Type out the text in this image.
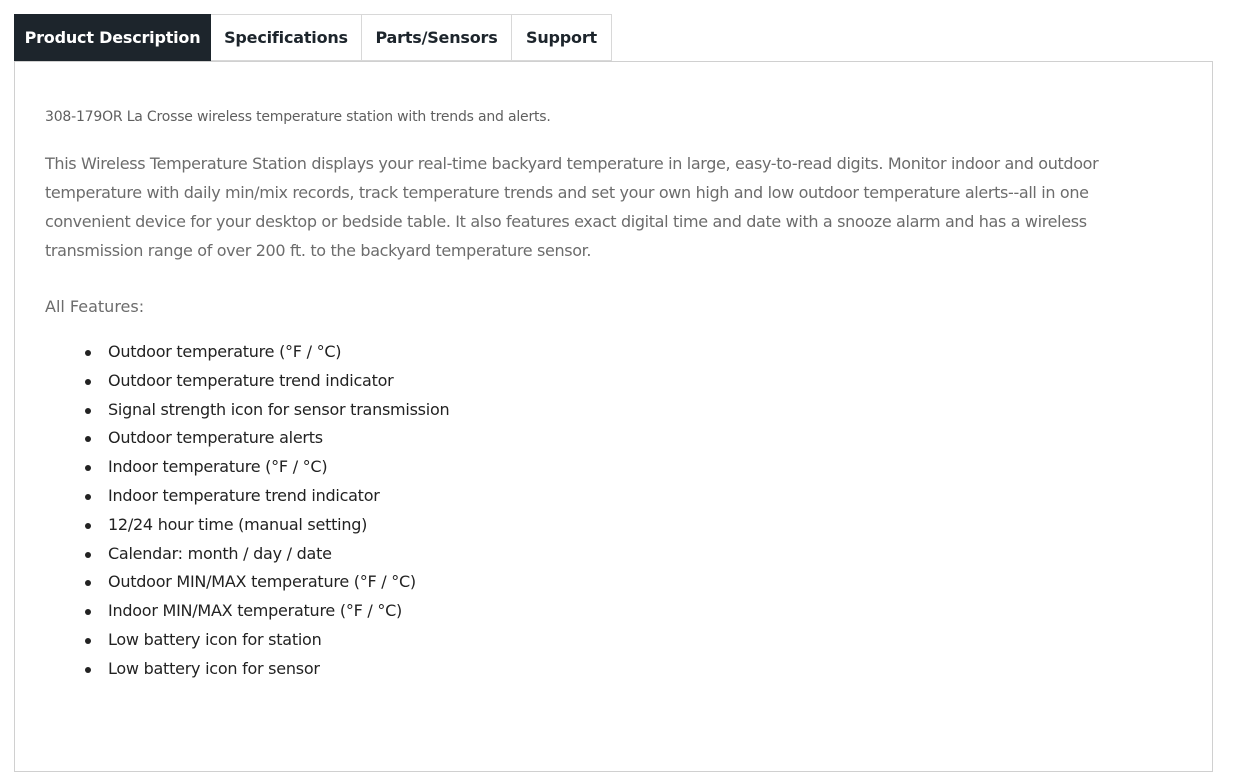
Product Description	Specifications	Parts/Sensors	Support
308-179OR La Crosse wireless temperature station with trends and alerts.

This Wireless Temperature Station displays your real-time backyard temperature in large, easy-to-read digits. Monitor indoor and outdoor temperature with daily min/mix records, track temperature trends and set your own high and low outdoor temperature alerts--all in one convenient device for your desktop or bedside table. It also features exact digital time and date with a snooze alarm and has a wireless transmission range of over 200 ft. to the backyard temperature sensor.

All Features:
Outdoor temperature (°F / °C)
Outdoor temperature trend indicator
Signal strength icon for sensor transmission
Outdoor temperature alerts
Indoor temperature (°F / °C)
Indoor temperature trend indicator
12/24 hour time (manual setting)
Calendar: month / day / date
Outdoor MIN/MAX temperature (°F / °C)
Indoor MIN/MAX temperature (°F / °C)
Low battery icon for station
Low battery icon for sensor
